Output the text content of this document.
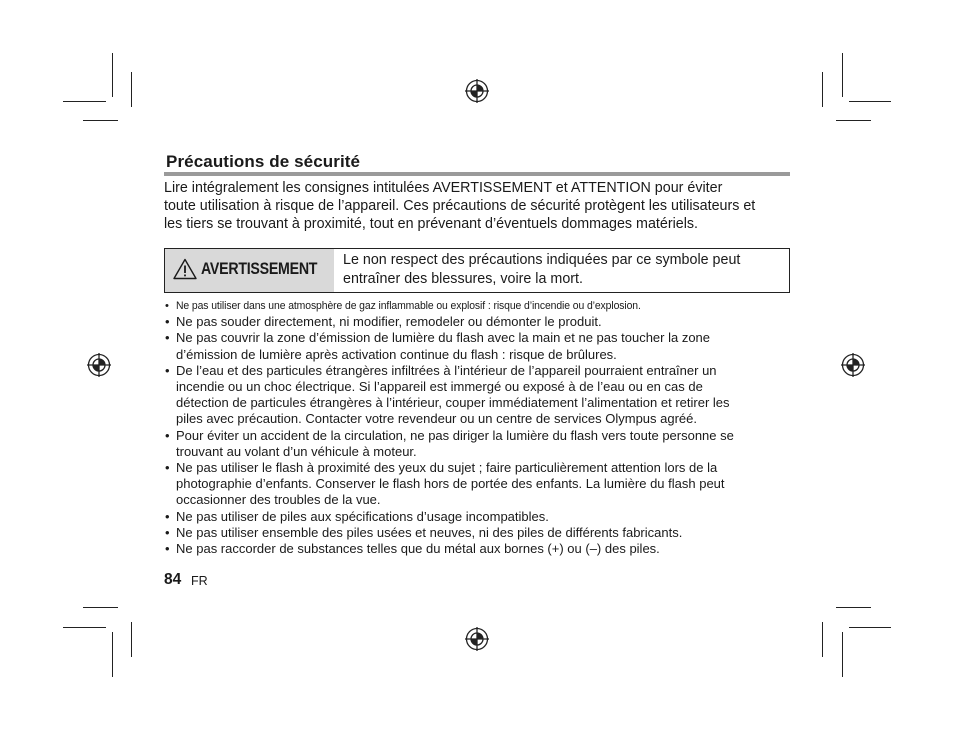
Précautions de sécurité
Lire intégralement les consignes intitulées AVERTISSEMENT et ATTENTION pour éviter
toute utilisation à risque de l’appareil. Ces précautions de sécurité protègent les utilisateurs et
les tiers se trouvant à proximité, tout en prévenant d’éventuels dommages matériels.
AVERTISSEMENT Le non respect des précautions indiquées par ce symbole peut
entraîner des blessures, voire la mort.
• Ne pas utiliser dans une atmosphère de gaz inflammable ou explosif : risque d’incendie ou d’explosion.
• Ne pas souder directement, ni modifier, remodeler ou démonter le produit.
• Ne pas couvrir la zone d’émission de lumière du flash avec la main et ne pas toucher la zone
d’émission de lumière après activation continue du flash : risque de brûlures.
• De l’eau et des particules étrangères infiltrées à l’intérieur de l’appareil pourraient entraîner un
incendie ou un choc électrique. Si l’appareil est immergé ou exposé à de l’eau ou en cas de
détection de particules étrangères à l’intérieur, couper immédiatement l’alimentation et retirer les
piles avec précaution. Contacter votre revendeur ou un centre de services Olympus agréé.
• Pour éviter un accident de la circulation, ne pas diriger la lumière du flash vers toute personne se
trouvant au volant d’un véhicule à moteur.
• Ne pas utiliser le flash à proximité des yeux du sujet ; faire particulièrement attention lors de la
photographie d’enfants. Conserver le flash hors de portée des enfants. La lumière du flash peut
occasionner des troubles de la vue.
• Ne pas utiliser de piles aux spécifications d’usage incompatibles.
• Ne pas utiliser ensemble des piles usées et neuves, ni des piles de différents fabricants.
• Ne pas raccorder de substances telles que du métal aux bornes (+) ou (–) des piles.
84 FR
